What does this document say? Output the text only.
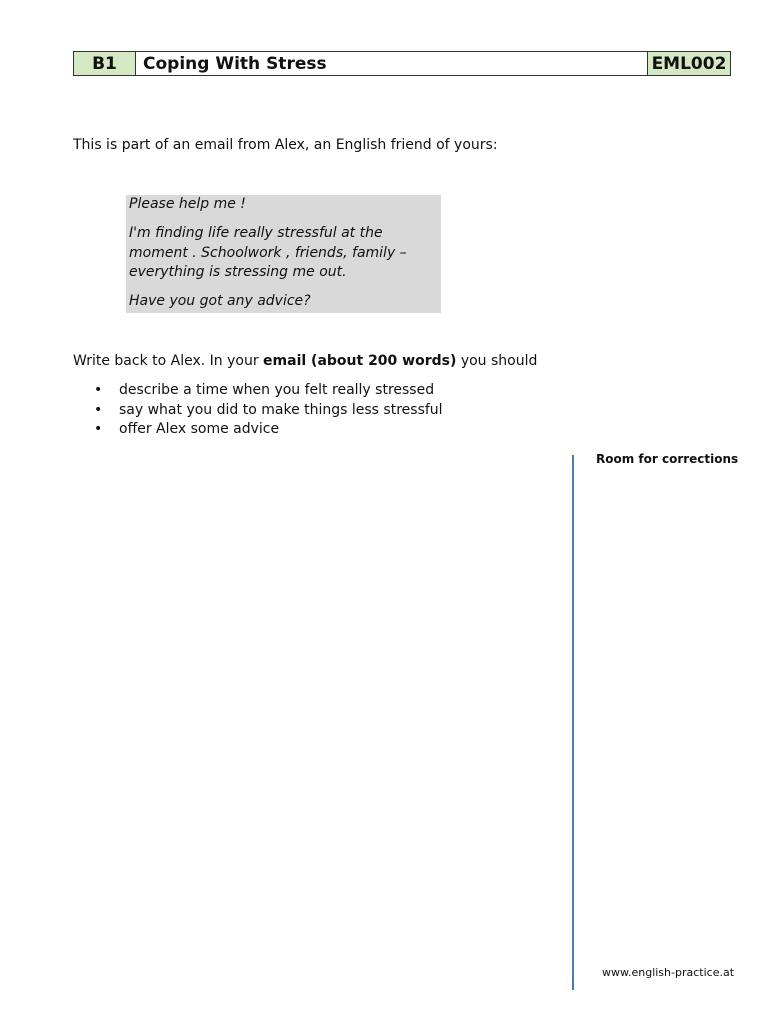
B1 Coping With Stress	EML002

This is part of an email from Alex, an English friend of yours:

Please help me !

I'm finding life really stressful at the moment . Schoolwork , friends, family – everything is stressing me out.

Have you got any advice?

Write back to Alex. In your email (about 200 words) you should

• describe a time when you felt really stressed
• say what you did to make things less stressful
• offer Alex some advice
Room for corrections
www.english-practice.at
